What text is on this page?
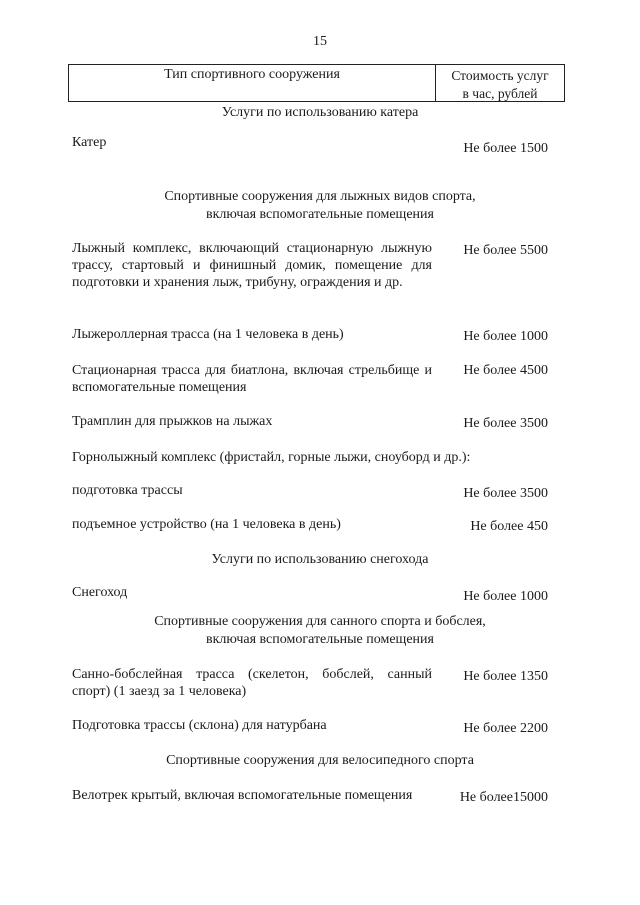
15
Тип спортивного сооружения	Стоимость услуг
в час, рублей
Услуги по использованию катера
Катер	Не более 1500
Спортивные сооружения для лыжных видов спорта,
включая вспомогательные помещения
Лыжный комплекс, включающий стационарную лыжную трассу, стартовый и финишный домик, помещение для подготовки и хранения лыж, трибуну, ограждения и др.
Не более 5500
Лыжероллерная трасса (на 1 человека в день)	Не более 1000
Стационарная трасса для биатлона, включая стрельбище и вспомогательные помещения
Не более 4500
Трамплин для прыжков на лыжах	Не более 3500
Горнолыжный комплекс (фристайл, горные лыжи, сноуборд и др.):
подготовка трассы	Не более 3500
подъемное устройство (на 1 человека в день)	Не более 450
Услуги по использованию снегохода
Снегоход	Не более 1000
Спортивные сооружения для санного спорта и бобслея,
включая вспомогательные помещения
Санно-бобслейная трасса (скелетон, бобслей, санный спорт) (1 заезд за 1 человека)
Не более 1350
Подготовка трассы (склона) для натурбана	Не более 2200
Спортивные сооружения для велосипедного спорта
Велотрек крытый, включая вспомогательные помещения	Не более15000
